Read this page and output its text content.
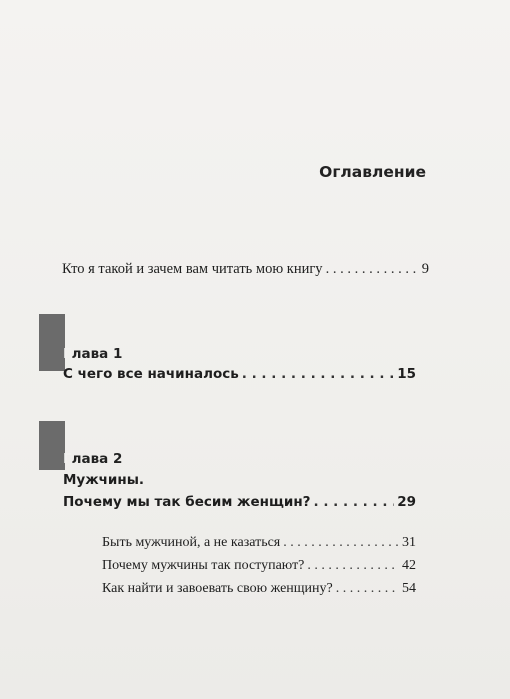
Оглавление
Кто я такой и зачем вам читать мою книгу . . .	9
Глава 1
С чего все начиналось . . .	15
Глава 2
Мужчины.
Почему мы так бесим женщин? . . .	29
Быть мужчиной, а не казаться . . .	31
Почему мужчины так поступают? . . .	42
Как найти и завоевать свою женщину? . . .	54
